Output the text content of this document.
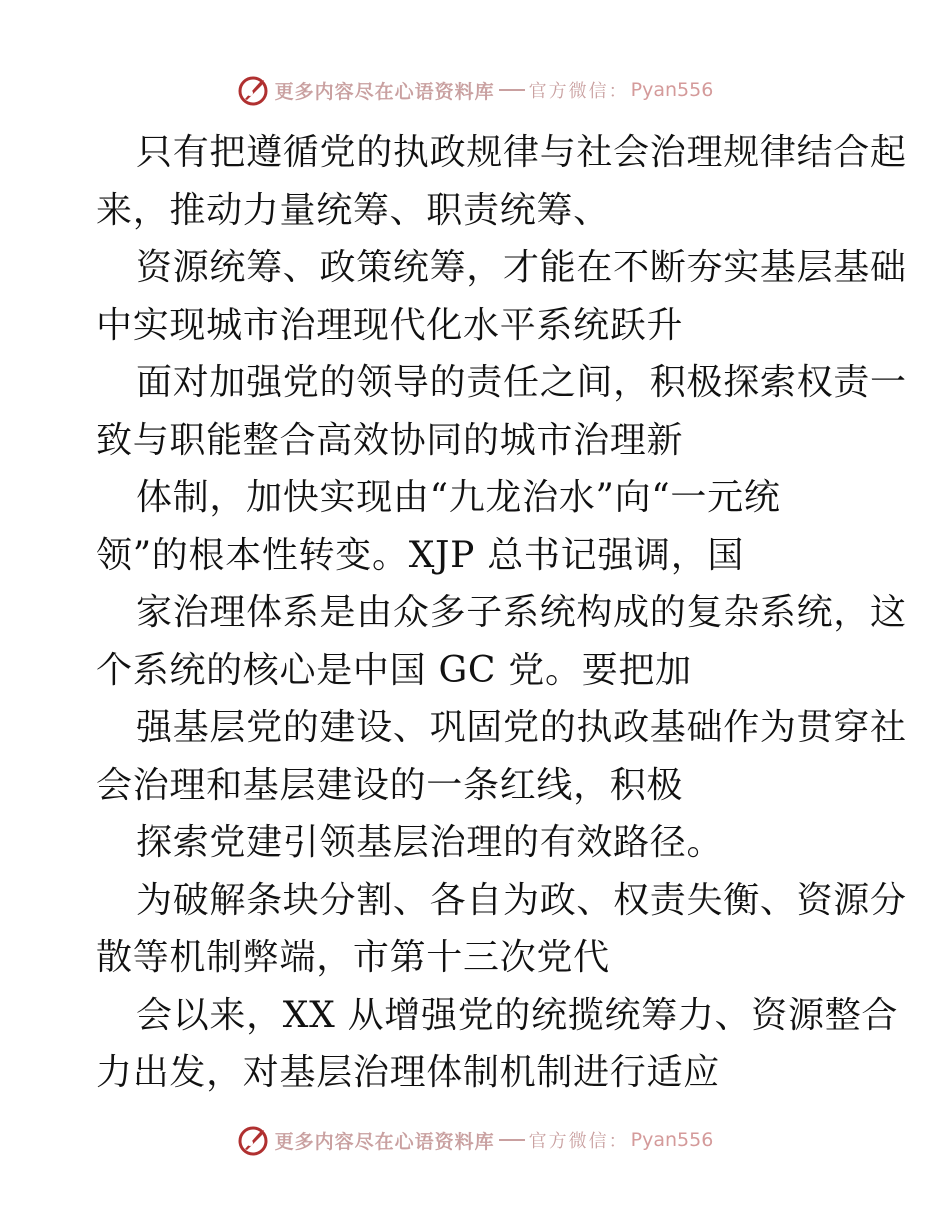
更多内容尽在心语资料库 官方微信： Pyan556
只有把遵循党的执政规律与社会治理规律结合起
来，推动力量统筹、职责统筹、
资源统筹、政策统筹，才能在不断夯实基层基础
中实现城市治理现代化水平系统跃升
面对加强党的领导的责任之间，积极探索权责一
致与职能整合高效协同的城市治理新
体制，加快实现由“九龙治水”向“一元统
领”的根本性转变。XJP 总书记强调，国
家治理体系是由众多子系统构成的复杂系统，这
个系统的核心是中国 GC 党。要把加
强基层党的建设、巩固党的执政基础作为贯穿社
会治理和基层建设的一条红线，积极
探索党建引领基层治理的有效路径。
为破解条块分割、各自为政、权责失衡、资源分
散等机制弊端，市第十三次党代
会以来，XX 从增强党的统揽统筹力、资源整合
力出发，对基层治理体制机制进行适应
更多内容尽在心语资料库 官方微信： Pyan556
